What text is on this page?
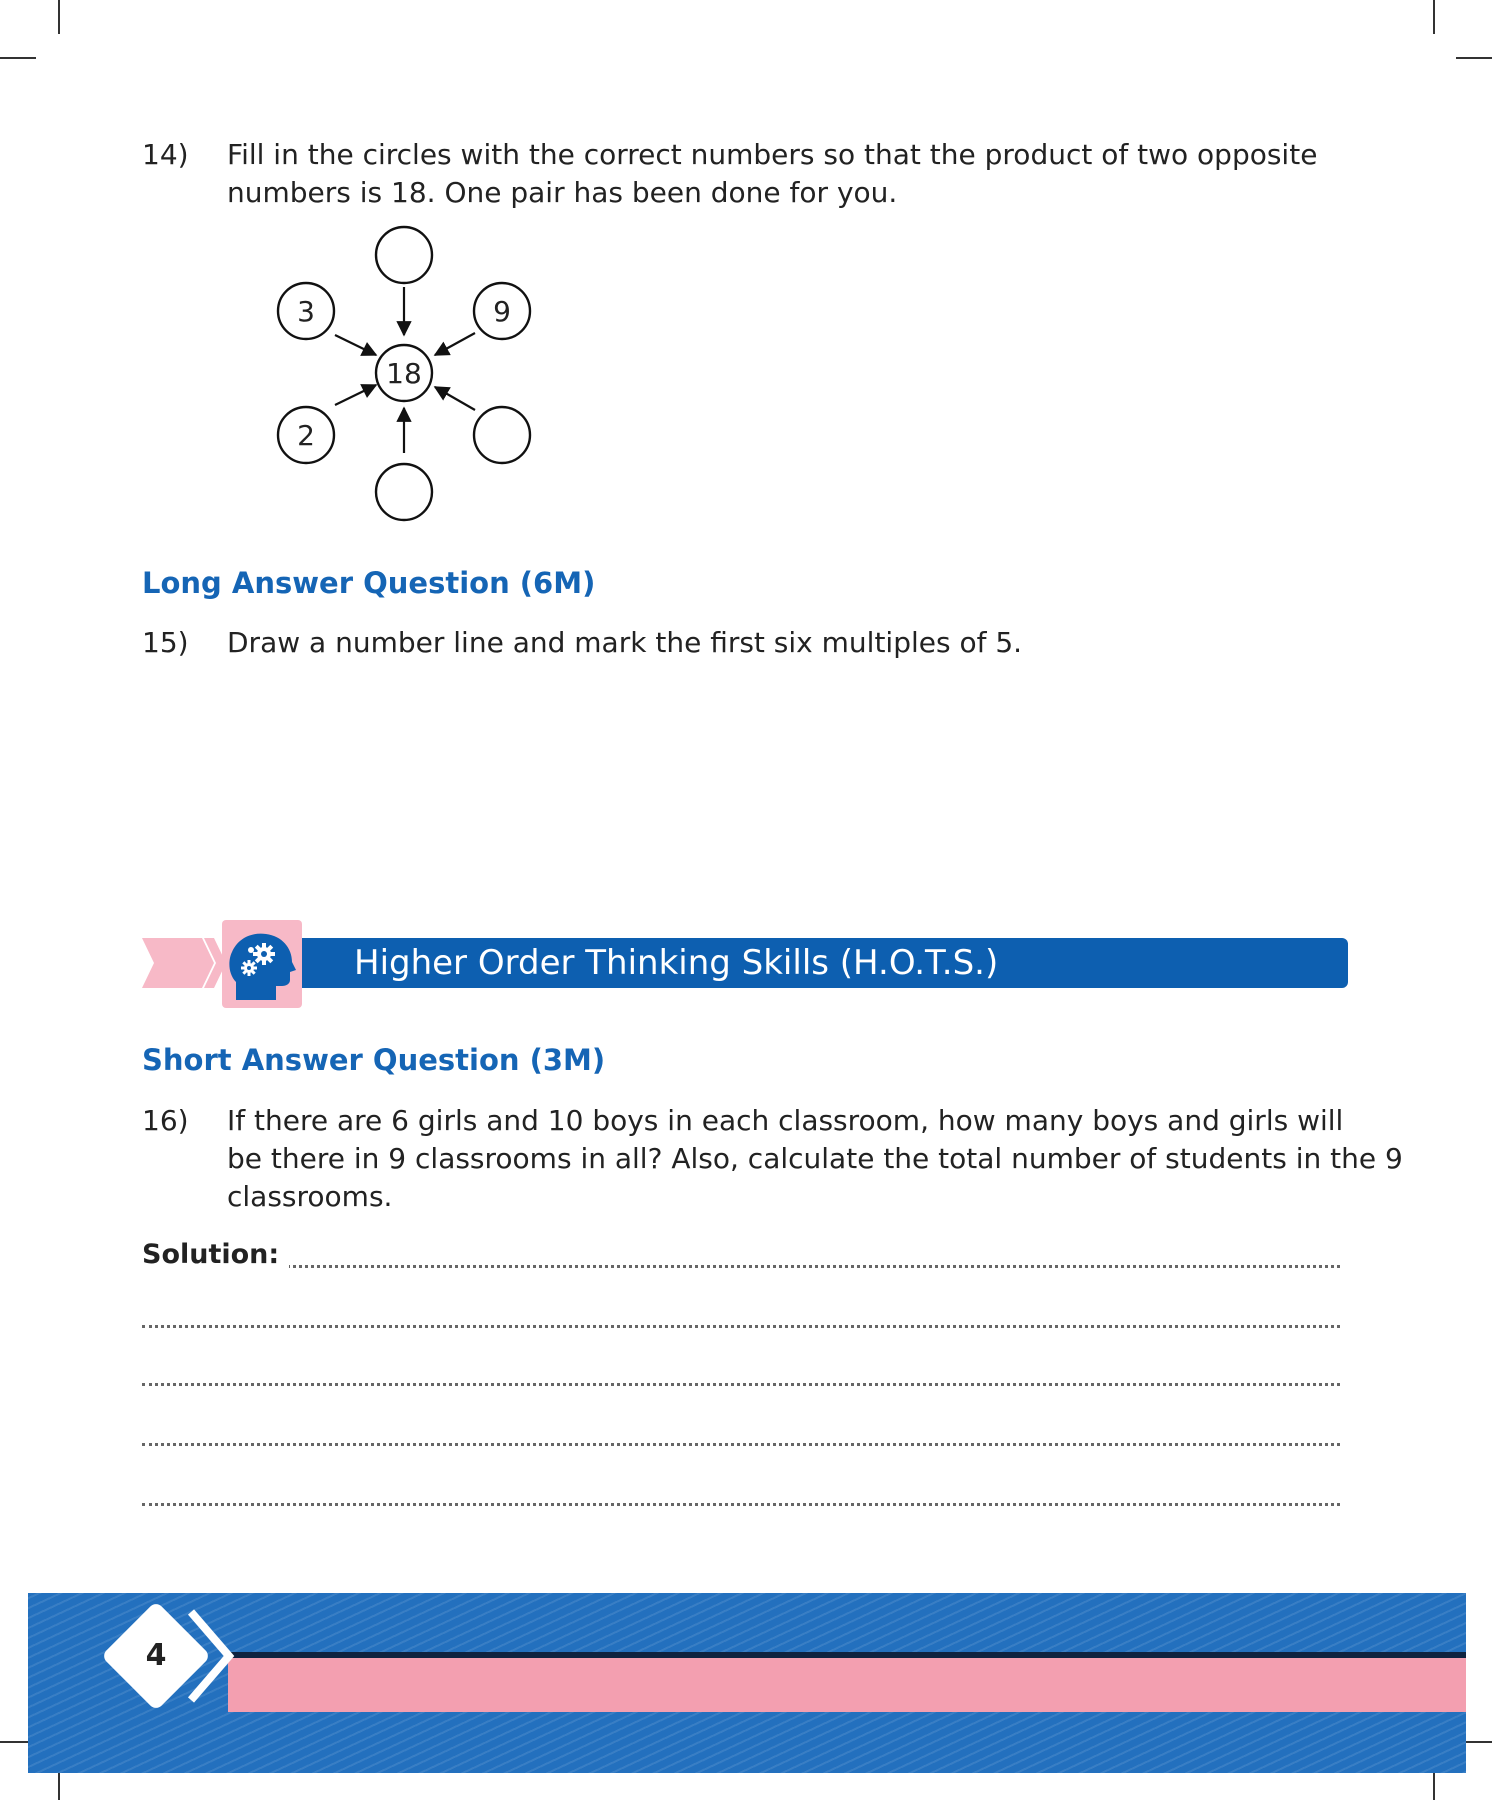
14)	Fill in the circles with the correct numbers so that the product of two opposite
numbers is 18. One pair has been done for you.
3	9
18
2
Long Answer Question (6M)
15)	Draw a number line and mark the first six multiples of 5.
Higher Order Thinking Skills (H.O.T.S.)
Short Answer Question (3M)
16)	If there are 6 girls and 10 boys in each classroom, how many boys and girls will
be there in 9 classrooms in all? Also, calculate the total number of students in the 9
classrooms.
Solution:
4
